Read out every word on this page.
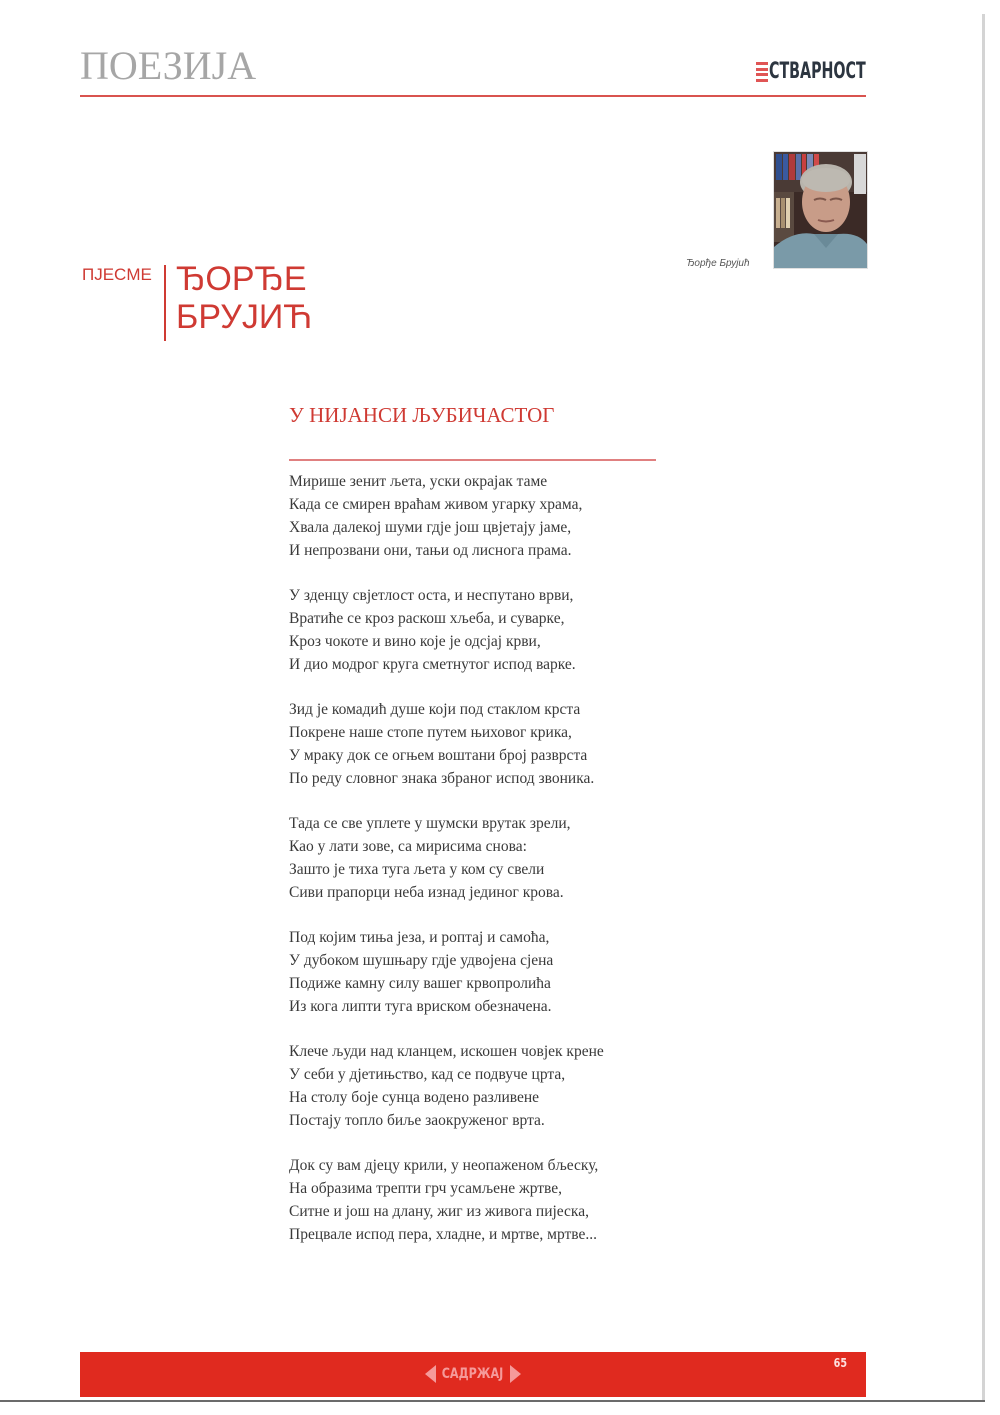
ПОЕЗИЈА	СТВАРНОСТ
Ђорђе Брујић
ПJECME ЂОРЂЕ
БРУЈИЋ
У НИЈАНСИ ЉУБИЧАСТОГ
Мирише зенит љета, уски окрајак таме
Када се смирен враћам живом угарку храма,
Хвала далекој шуми гдје још цвјетају јаме,
И непрозвани они, тањи од лиснога прама.
У зденцу свјетлост оста, и неспутано врви,
Вратиће се кроз раскош хљеба, и суварке,
Кроз чокоте и вино које је одсјај крви,
И дио модрог круга сметнутог испод варке.
Зид је комадић душе који под стаклом крста
Покрене наше стопе путем њиховог крика,
У мраку док се огњем воштани број разврста
По реду словног знака збраног испод звоника.
Тада се све уплете у шумски врутак зрели,
Као у лати зове, са мирисима снова:
Зашто је тиха туга љета у ком су свели
Сиви прапорци неба изнад јединог крова.
Под којим тиња језа, и роптај и самоћа,
У дубоком шушњару гдје удвојена сјена
Подиже камну силу вашег крвопролића
Из кога липти туга вриском обезначена.
Клече људи над кланцем, искошен човјек крене
У себи у дјетињство, кад се подвуче црта,
На столу боје сунца водено разливене
Постају топло биље заокруженог врта.
Док су вам дјецу крили, у неопаженом бљеску,
На образима трепти грч усамљене жртве,
Ситне и још на длану, жиг из живога пијеска,
Прецвале испод пера, хладне, и мртве, мртве...
САДРЖАЈ
65
